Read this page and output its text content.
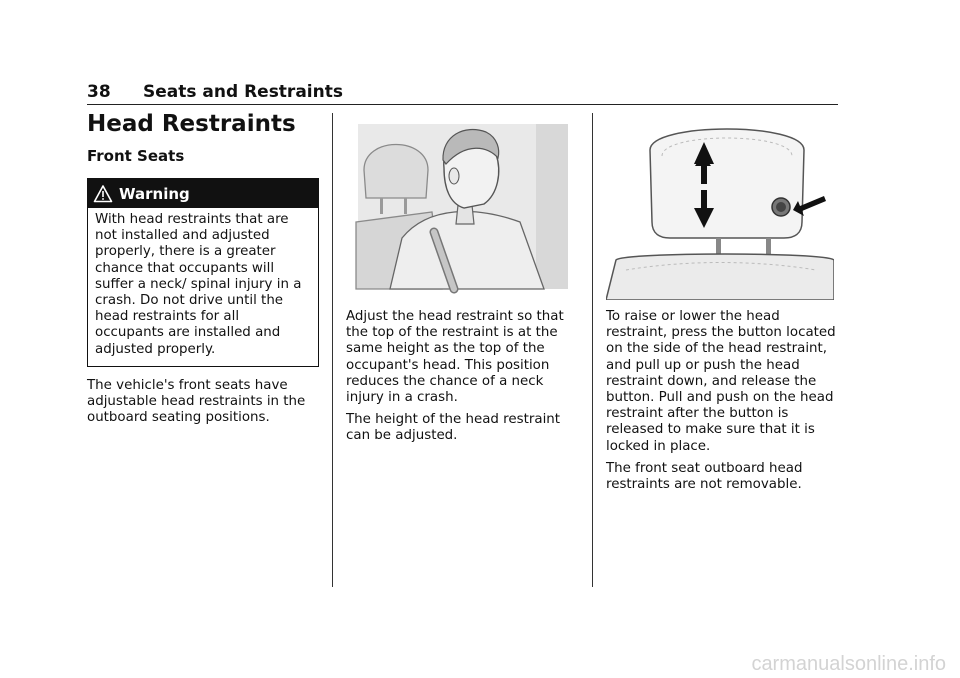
38 Seats and Restraints
Head Restraints
Front Seats
Warning
With head restraints that are not installed and adjusted properly, there is a greater chance that occupants will suffer a neck/ spinal injury in a crash. Do not drive until the head restraints for all occupants are installed and adjusted properly.

The vehicle's front seats have adjustable head restraints in the outboard seating positions.

Adjust the head restraint so that the top of the restraint is at the same height as the top of the occupant's head. This position reduces the chance of a neck injury in a crash.

The height of the head restraint can be adjusted.

To raise or lower the head restraint, press the button located on the side of the head restraint, and pull up or push the head restraint down, and release the button. Pull and push on the head restraint after the button is released to make sure that it is locked in place.

The front seat outboard head restraints are not removable.

carmanualsonline.info
